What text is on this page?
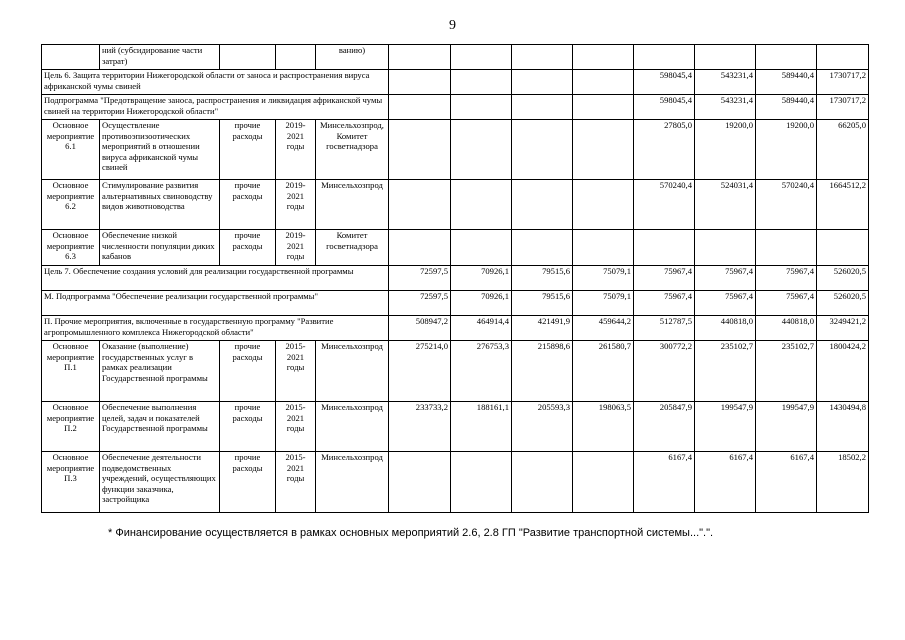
9
	ний (субсидирование части затрат)			ванию)								
Цель 6. Защита территории Нижегородской области от заноса и распространения вируса африканской чумы свиней									598045,4	543231,4	589440,4	1730717,2
Подпрограмма "Предотвращение заноса, распространения и ликвидация африканской чумы свиней на территории Нижегородской области"									598045,4	543231,4	589440,4	1730717,2
Основное мероприятие 6.1	Осуществление противоэпизоотических мероприятий в отношении вируса африканской чумы свиней	прочие расходы	2019-2021 годы	Минсельхозпрод, Комитет госветнадзора					27805,0	19200,0	19200,0	66205,0
Основное мероприятие 6.2	Стимулирование развития альтернативных свиноводству видов животноводства	прочие расходы	2019-2021 годы	Минсельхозпрод					570240,4	524031,4	570240,4	1664512,2
Основное мероприятие 6.3	Обеспечение низкой численности популяции диких кабанов	прочие расходы	2019-2021 годы	Комитет госветнадзора								
Цель 7. Обеспечение создания условий для реализации государственной программы					72597,5	70926,1	79515,6	75079,1	75967,4	75967,4	75967,4	526020,5
М. Подпрограмма "Обеспечение реализации государственной программы"					72597,5	70926,1	79515,6	75079,1	75967,4	75967,4	75967,4	526020,5
П. Прочие мероприятия, включенные в государственную программу "Развитие агропромышленного комплекса Нижегородской области"					508947,2	464914,4	421491,9	459644,2	512787,5	440818,0	440818,0	3249421,2
Основное мероприятие П.1	Оказание (выполнение) государственных услуг в рамках реализации Государственной программы	прочие расходы	2015-2021 годы	Минсельхозпрод	275214,0	276753,3	215898,6	261580,7	300772,2	235102,7	235102,7	1800424,2
Основное мероприятие П.2	Обеспечение выполнения целей, задач и показателей Государственной программы	прочие расходы	2015-2021 годы	Минсельхозпрод	233733,2	188161,1	205593,3	198063,5	205847,9	199547,9	199547,9	1430494,8
Основное мероприятие П.3	Обеспечение деятельности подведомственных учреждений, осуществляющих функции заказчика, застройщика	прочие расходы	2015-2021 годы	Минсельхозпрод					6167,4	6167,4	6167,4	18502,2
* Финансирование осуществляется в рамках основных мероприятий 2.6, 2.8 ГП "Развитие транспортной системы...".".
